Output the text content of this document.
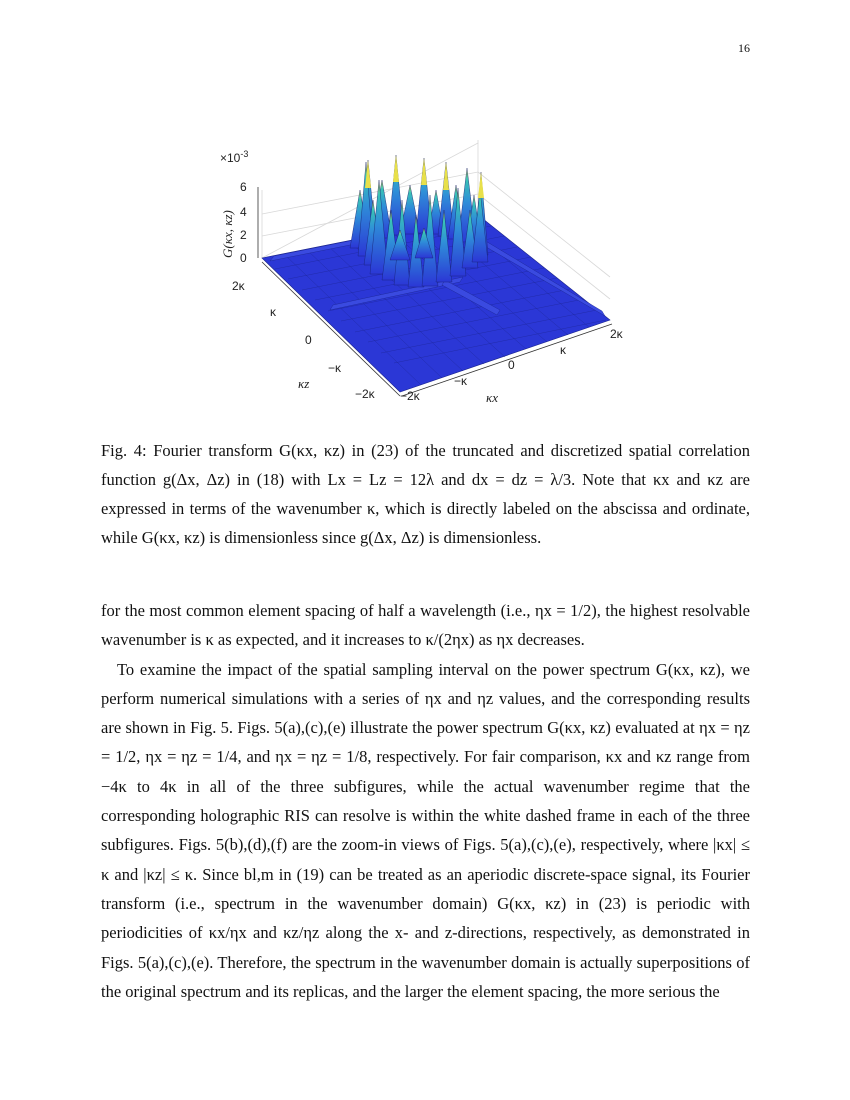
16
$\times 10^{-3}$
6
4
2
0
G(κx, κz)
2κ
κ
0
−κ
−2κ
κz
−2κ
−κ
0
κ
2κ
κx
Fig. 4: Fourier transform G(κx, κz) in (23) of the truncated and discretized spatial correlation function g(Δx, Δz) in (18) with Lx = Lz = 12λ and dx = dz = λ/3. Note that κx and κz are expressed in terms of the wavenumber κ, which is directly labeled on the abscissa and ordinate, while G(κx, κz) is dimensionless since g(Δx, Δz) is dimensionless.

for the most common element spacing of half a wavelength (i.e., ηx = 1/2), the highest resolvable wavenumber is κ as expected, and it increases to κ/(2ηx) as ηx decreases.

To examine the impact of the spatial sampling interval on the power spectrum G(κx, κz), we perform numerical simulations with a series of ηx and ηz values, and the corresponding results are shown in Fig. 5. Figs. 5(a),(c),(e) illustrate the power spectrum G(κx, κz) evaluated at ηx = ηz = 1/2, ηx = ηz = 1/4, and ηx = ηz = 1/8, respectively. For fair comparison, κx and κz range from −4κ to 4κ in all of the three subfigures, while the actual wavenumber regime that the corresponding holographic RIS can resolve is within the white dashed frame in each of the three subfigures. Figs. 5(b),(d),(f) are the zoom-in views of Figs. 5(a),(c),(e), respectively, where |κx| ≤ κ and |κz| ≤ κ. Since bl,m in (19) can be treated as an aperiodic discrete-space signal, its Fourier transform (i.e., spectrum in the wavenumber domain) G(κx, κz) in (23) is periodic with periodicities of κx/ηx and κz/ηz along the x- and z-directions, respectively, as demonstrated in Figs. 5(a),(c),(e). Therefore, the spectrum in the wavenumber domain is actually superpositions of the original spectrum and its replicas, and the larger the element spacing, the more serious the
